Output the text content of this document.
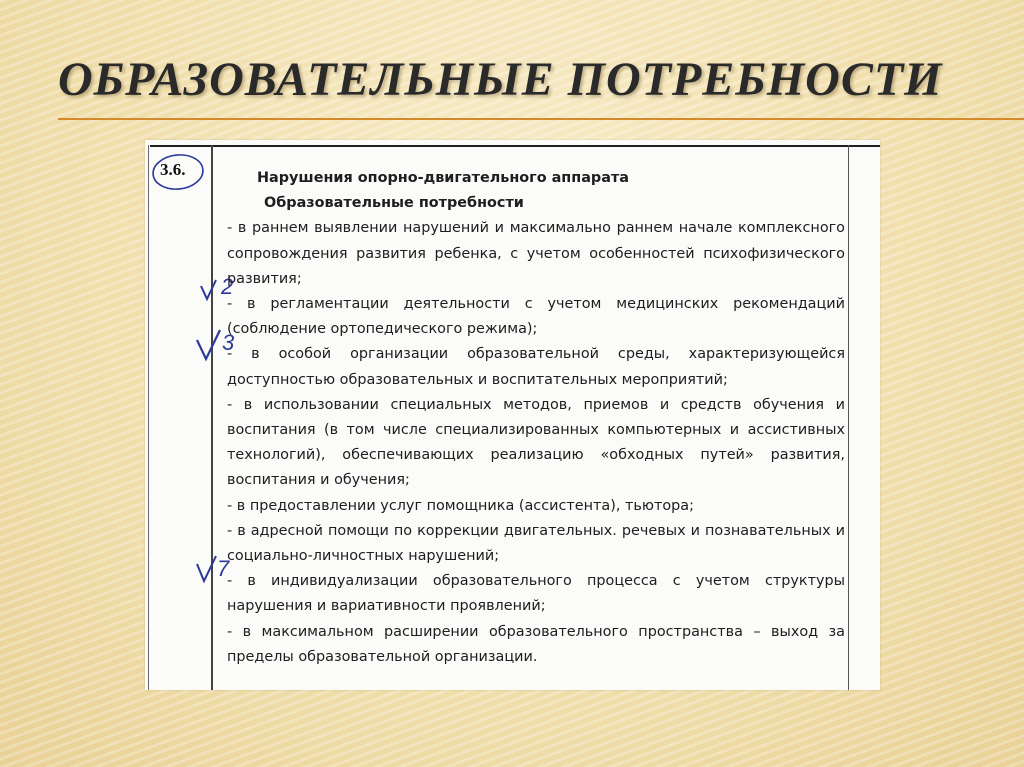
ОБРАЗОВАТЕЛЬНЫЕ ПОТРЕБНОСТИ
3.6.
2
3
7
Нарушения опорно-двигательного аппарата
Образовательные потребности

- в раннем выявлении нарушений и максимально раннем начале комплексного сопровождения развития ребенка, с учетом особенностей психофизического развития;

- в регламентации деятельности с учетом медицинских рекомендаций (соблюдение ортопедического режима);

- в особой организации образовательной среды, характеризующейся доступностью образовательных и воспитательных мероприятий;

- в использовании специальных методов, приемов и средств обучения и воспитания (в том числе специализированных компьютерных и ассистивных технологий), обеспечивающих реализацию «обходных путей» развития, воспитания и обучения;

- в предоставлении услуг помощника (ассистента), тьютора;

- в адресной помощи по коррекции двигательных. речевых и познавательных и социально-личностных нарушений;

- в индивидуализации образовательного процесса с учетом структуры нарушения и вариативности проявлений;

- в максимальном расширении образовательного пространства – выход за пределы образовательной организации.
